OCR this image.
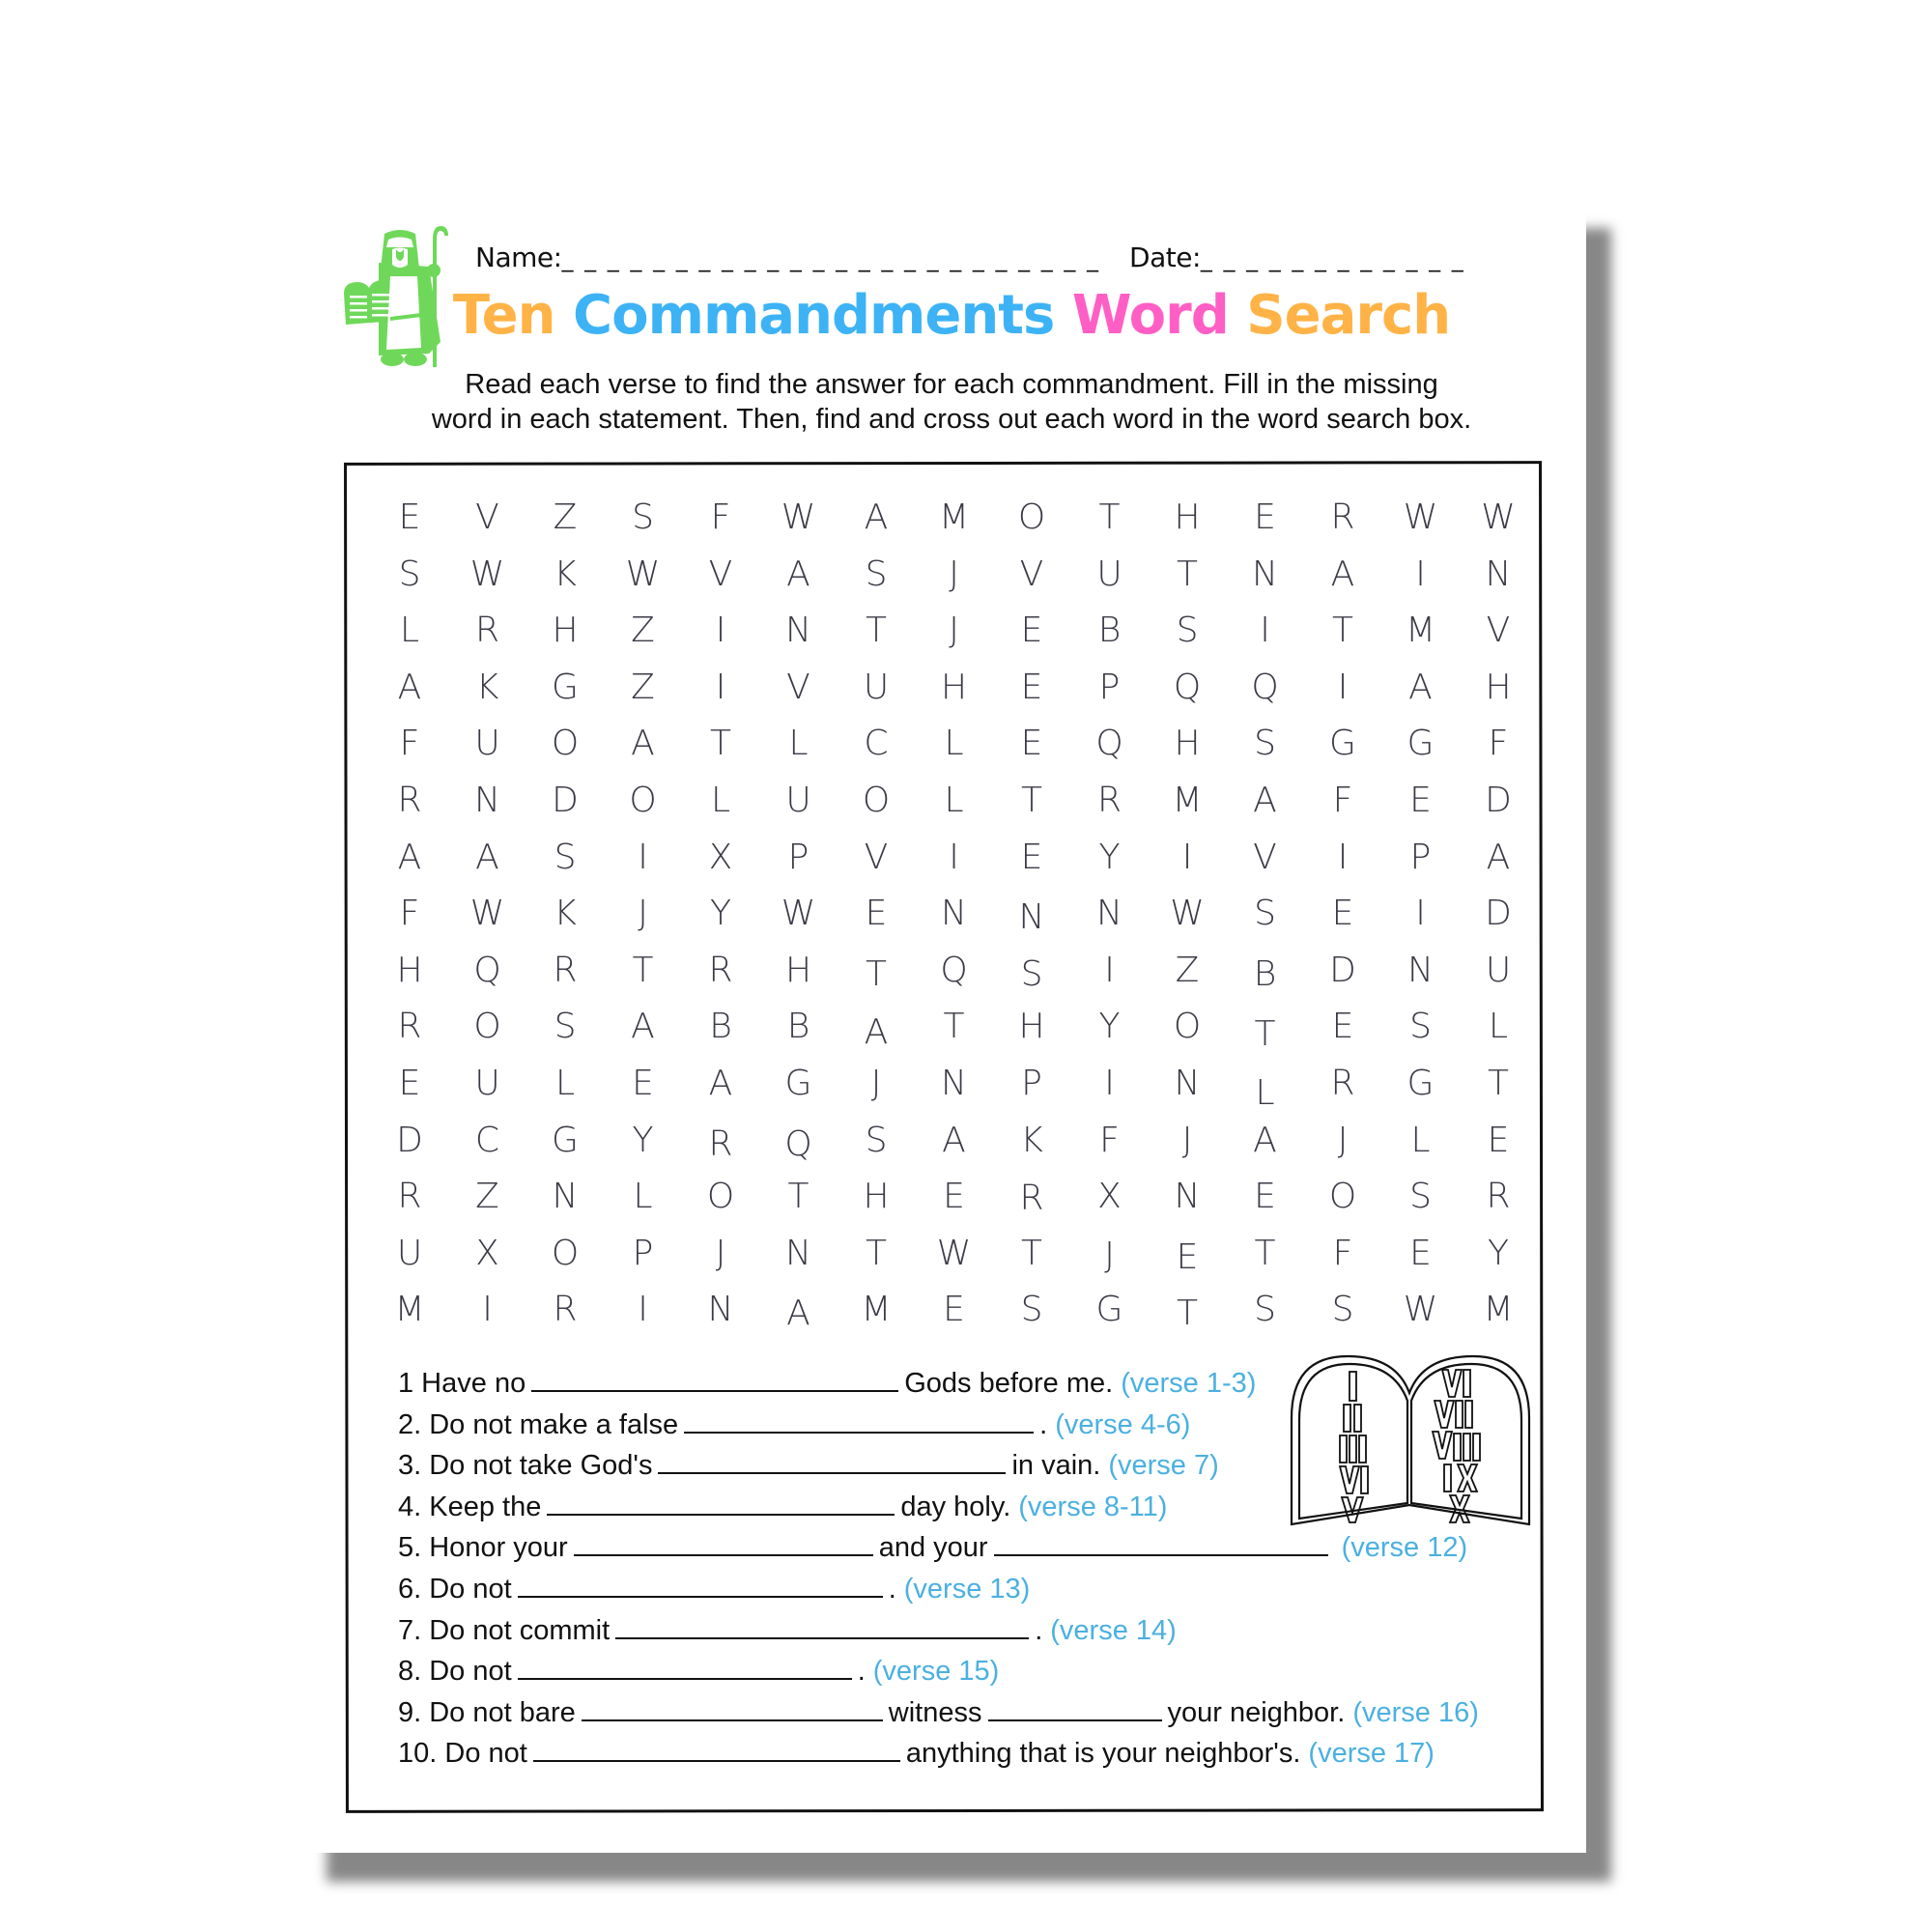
Name:_ _ _ _ _ _ _ _ _ _ _ _ _ _ _ _ _ _ _ _ _ _ _ _ Date:_ _ _ _ _ _ _ _ _ _ _ _
Ten Commandments Word Search
Read each verse to find the answer for each commandment. Fill in the missing
word in each statement. Then, find and cross out each word in the word search box.
1 Have no	Gods before me. (verse 1-3)
2. Do not make a false	. (verse 4-6)
3. Do not take God's	in vain. (verse 7)
4. Keep the	day holy. (verse 8-11)
5. Honor your	and your	(verse 12)
6. Do not	. (verse 13)
7. Do not commit	. (verse 14)
8. Do not	. (verse 15)
9. Do not bare	witness	your neighbor. (verse 16)
10. Do not	anything that is your neighbor's. (verse 17)
E	V	Z	S	F	W	A	M	O	T	H	E	R	W	W
S	W	K	W	V	A	S	J	V	U	T	N	A	I	N
L	R	H	Z	I	N	T	J	E	B	S	I	T	M	V
A	K	G	Z	I	V	U	H	E	P	Q	Q	I	A	H
F	U	O	A	T	L	C	L	E	Q	H	S	G	G	F
R	N	D	O	L	U	O	L	T	R	M	A	F	E	D
A	A	S	I	X	P	V	I	E	Y	I	V	I	P	A
F	W	K	J	Y	W	E	N	N	N	W	S	E	I	D
H	Q	R	T	R	H	T	Q	S	I	Z	B	D	N	U
R	O	S	A	B	B	A	T	H	Y	O	T	E	S	L
E	U	L	E	A	G	J	N	P	I	N	L	R	G	T
D	C	G	Y	R	Q	S	A	K	F	J	A	J	L	E
R	Z	N	L	O	T	H	E	R	X	N	E	O	S	R
U	X	O	P	J	N	T	W	T	J	E	T	F	E	Y
M	I	R	I	N	A	M	E	S	G	T	S	S	W	M
